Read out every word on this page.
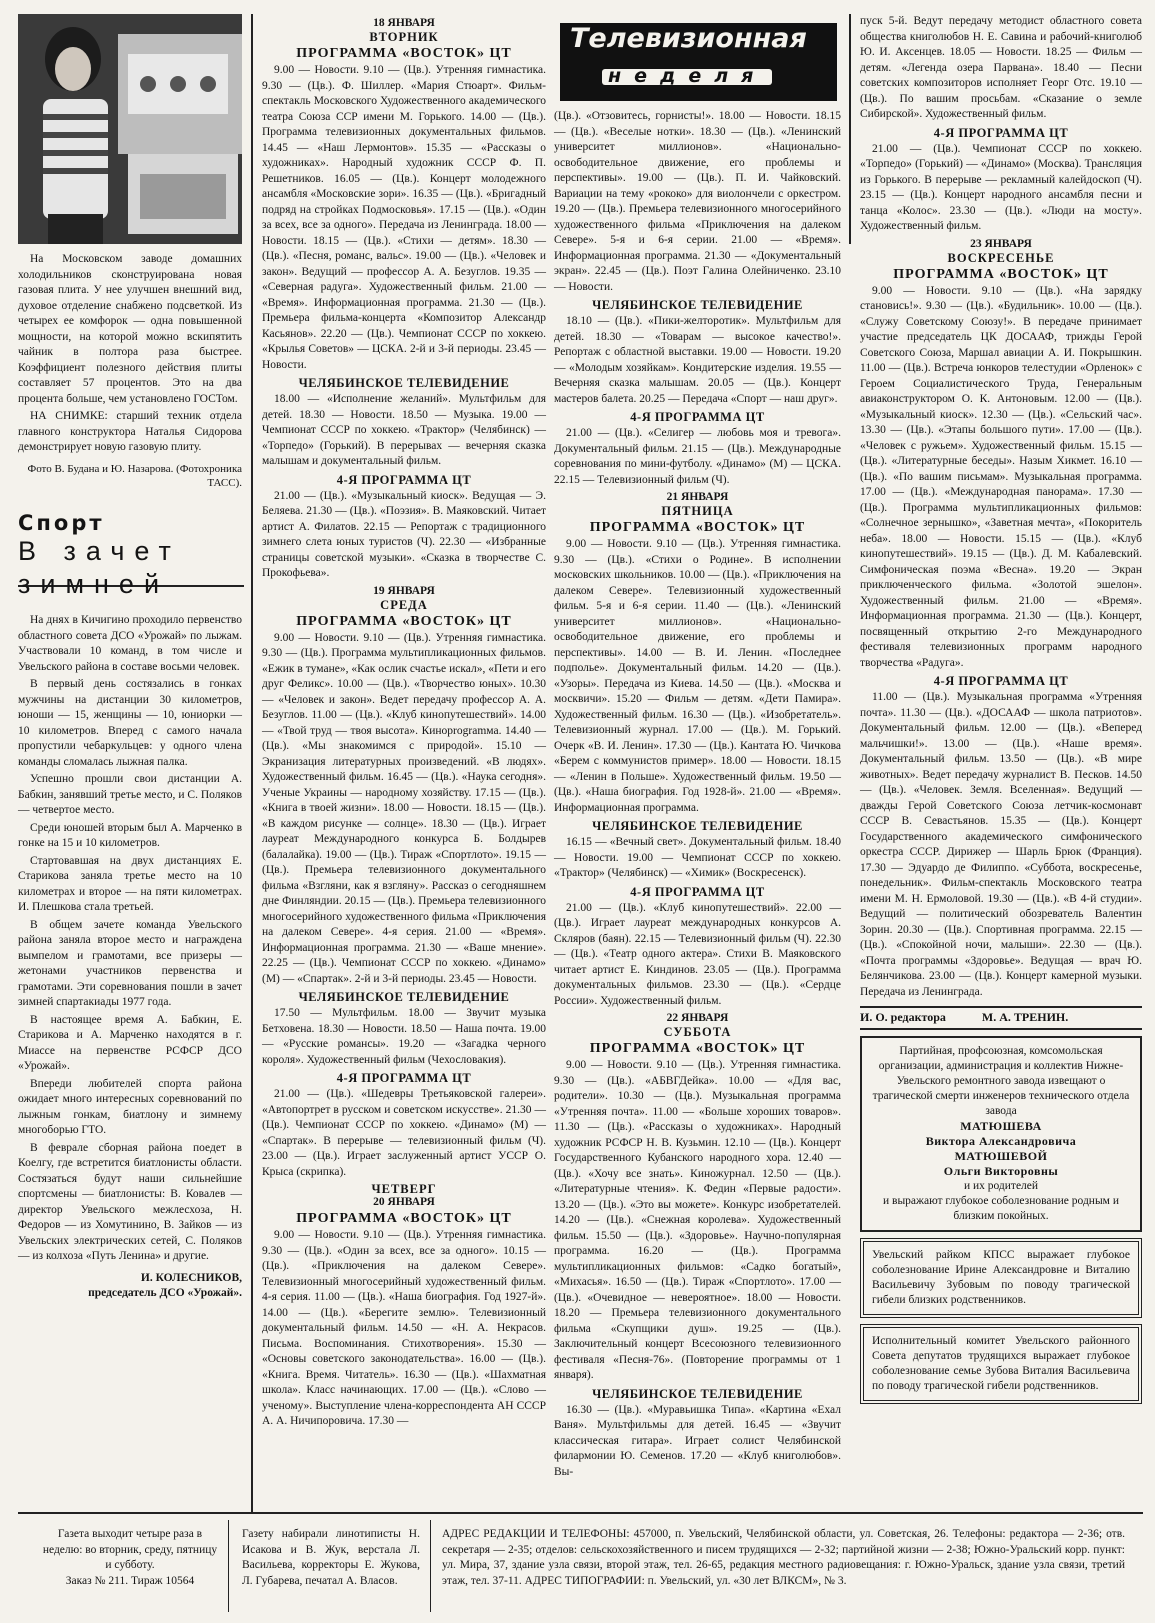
На Московском заводе домашних холодильников сконструирована новая газовая плита. У нее улучшен внешний вид, духовое отделение снабжено подсветкой. Из четырех ее комфорок — одна повышенной мощности, на которой можно вскипятить чайник в полтора раза быстрее. Коэффициент полезного действия плиты составляет 57 процентов. Это на два процента больше, чем установлено ГОСТом.

НА СНИМКЕ: старший техник отдела главного конструктора Наталья Сидорова демонстрирует новую газовую плиту.

Фото В. Будана и Ю. Назарова. (Фотохроника ТАСС).
Спорт
В зачет
зимней

На днях в Кичигино проходило первенство областного совета ДСО «Урожай» по лыжам. Участвовали 10 команд, в том числе и Увельского района в составе восьми человек.

В первый день состязались в гонках мужчины на дистанции 30 километров, юноши — 15, женщины — 10, юниорки — 10 километров. Вперед с самого начала пропустили чебаркульцев: у одного члена команды сломалась лыжная палка.

Успешно прошли свои дистанции А. Бабкин, занявший третье место, и С. Поляков — четвертое место.

Среди юношей вторым был А. Марченко в гонке на 15 и 10 километров.

Стартовавшая на двух дистанциях Е. Старикова заняла третье место на 10 километрах и второе — на пяти километрах. И. Плешкова стала третьей.

В общем зачете команда Увельского района заняла второе место и награждена вымпелом и грамотами, все призеры — жетонами участников первенства и грамотами. Эти соревнования пошли в зачет зимней спартакиады 1977 года.

В настоящее время А. Бабкин, Е. Старикова и А. Марченко находятся в г. Миассе на первенстве РСФСР ДСО «Урожай».

Впереди любителей спорта района ожидает много интересных соревнований по лыжным гонкам, биатлону и зимнему многоборью ГТО.

В феврале сборная района поедет в Коелгу, где встретится биатлонисты области. Состязаться будут наши сильнейшие спортсмены — биатлонисты: В. Ковалев — директор Увельского межлесхоза, Н. Федоров — из Хомутинино, В. Зайков — из Увельских электрических сетей, С. Поляков — из колхоза «Путь Ленина» и другие.

И. КОЛЕСНИКОВ,
председатель ДСО «Урожай».
18 ЯНВАРЯ
ВТОРНИК
ПРОГРАММА «ВОСТОК» ЦТ

9.00 — Новости. 9.10 — (Цв.). Утренняя гимнастика. 9.30 — (Цв.). Ф. Шиллер. «Мария Стюарт». Фильм-спектакль Московского Художественного академического театра Союза ССР имени М. Горького. 14.00 — (Цв.). Программа телевизионных документальных фильмов. 14.45 — «Наш Лермонтов». 15.35 — «Рассказы о художниках». Народный художник СССР Ф. П. Решетников. 16.05 — (Цв.). Концерт молодежного ансамбля «Московские зори». 16.35 — (Цв.). «Бригадный подряд на стройках Подмосковья». 17.15 — (Цв.). «Один за всех, все за одного». Передача из Ленинграда. 18.00 — Новости. 18.15 — (Цв.). «Стихи — детям». 18.30 — (Цв.). «Песня, романс, вальс». 19.00 — (Цв.). «Человек и закон». Ведущий — профессор А. А. Безуглов. 19.35 — «Северная радуга». Художественный фильм. 21.00 — «Время». Информационная программа. 21.30 — (Цв.). Премьера фильма-концерта «Композитор Александр Касьянов». 22.20 — (Цв.). Чемпионат СССР по хоккею. «Крылья Советов» — ЦСКА. 2-й и 3-й периоды. 23.45 — Новости.

ЧЕЛЯБИНСКОЕ ТЕЛЕВИДЕНИЕ

18.00 — «Исполнение желаний». Мультфильм для детей. 18.30 — Новости. 18.50 — Музыка. 19.00 — Чемпионат СССР по хоккею. «Трактор» (Челябинск) — «Торпедо» (Горький). В перерывах — вечерняя сказка малышам и документальный фильм.

4-Я ПРОГРАММА ЦТ

21.00 — (Цв.). «Музыкальный киоск». Ведущая — Э. Беляева. 21.30 — (Цв.). «Поэзия». В. Маяковский. Читает артист А. Филатов. 22.15 — Репортаж с традиционного зимнего слета юных туристов (Ч). 22.30 — «Избранные страницы советской музыки». «Сказка в творчестве С. Прокофьева».

19 ЯНВАРЯ
СРЕДА
ПРОГРАММА «ВОСТОК» ЦТ

9.00 — Новости. 9.10 — (Цв.). Утренняя гимнастика. 9.30 — (Цв.). Программа мультипликационных фильмов. «Ежик в тумане», «Как ослик счастье искал», «Пети и его друг Феликс». 10.00 — (Цв.). «Творчество юных». 10.30 — «Человек и закон». Ведет передачу профессор А. А. Безуглов. 11.00 — (Цв.). «Клуб кинопутешествий». 14.00 — «Твой труд — твоя высота». Киноprogramма. 14.40 — (Цв.). «Мы знакомимся с природой». 15.10 — Экранизация литературных произведений. «В людях». Художественный фильм. 16.45 — (Цв.). «Наука сегодня». Ученые Украины — народному хозяйству. 17.15 — (Цв.). «Книга в твоей жизни». 18.00 — Новости. 18.15 — (Цв.). «В каждом рисунке — солнце». 18.30 — (Цв.). Играет лауреат Международного конкурса Б. Болдырев (балалайка). 19.00 — (Цв.). Тираж «Спортлото». 19.15 — (Цв.). Премьера телевизионного документального фильма «Взгляни, как я взгляну». Рассказ о сегодняшнем дне Финляндии. 20.15 — (Цв.). Премьера телевизионного многосерийного художественного фильма «Приключения на далеком Севере». 4-я серия. 21.00 — «Время». Информационная программа. 21.30 — «Ваше мнение». 22.25 — (Цв.). Чемпионат СССР по хоккею. «Динамо» (М) — «Спартак». 2-й и 3-й периоды. 23.45 — Новости.

ЧЕЛЯБИНСКОЕ ТЕЛЕВИДЕНИЕ

17.50 — Мультфильм. 18.00 — Звучит музыка Бетховена. 18.30 — Новости. 18.50 — Наша почта. 19.00 — «Русские романсы». 19.20 — «Загадка черного короля». Художественный фильм (Чехословакия).

4-Я ПРОГРАММА ЦТ

21.00 — (Цв.). «Шедевры Третьяковской галереи». «Автопортрет в русском и советском искусстве». 21.30 — (Цв.). Чемпионат СССР по хоккею. «Динамо» (М) — «Спартак». В перерыве — телевизионный фильм (Ч). 23.00 — (Цв.). Играет заслуженный артист УССР О. Крыса (скрипка).

ЧЕТВЕРГ
20 ЯНВАРЯ
ПРОГРАММА «ВОСТОК» ЦТ

9.00 — Новости. 9.10 — (Цв.). Утренняя гимнастика. 9.30 — (Цв.). «Один за всех, все за одного». 10.15 — (Цв.). «Приключения на далеком Севере». Телевизионный многосерийный художественный фильм. 4-я серия. 11.00 — (Цв.). «Наша биография. Год 1927-й». 14.00 — (Цв.). «Берегите землю». Телевизионный документальный фильм. 14.50 — «Н. А. Некрасов. Письма. Воспоминания. Стихотворения». 15.30 — «Основы советского законодательства». 16.00 — (Цв.). «Книга. Время. Читатель». 16.30 — (Цв.). «Шахматная школа». Класс начинающих. 17.00 — (Цв.). «Слово — ученому». Выступление члена-корреспондента АН СССР А. А. Ничипоровича. 17.30 —

Телевизионная
неделя

(Цв.). «Отзовитесь, горнисты!». 18.00 — Новости. 18.15 — (Цв.). «Веселые нотки». 18.30 — (Цв.). «Ленинский университет миллионов». «Национально-освободительное движение, его проблемы и перспективы». 19.00 — (Цв.). П. И. Чайковский. Вариации на тему «рококо» для виолончели с оркестром. 19.20 — (Цв.). Премьера телевизионного многосерийного художественного фильма «Приключения на далеком Севере». 5-я и 6-я серии. 21.00 — «Время». Информационная программа. 21.30 — «Документальный экран». 22.45 — (Цв.). Поэт Галина Олейниченко. 23.10 — Новости.

ЧЕЛЯБИНСКОЕ ТЕЛЕВИДЕНИЕ

18.10 — (Цв.). «Пики-желторотик». Мультфильм для детей. 18.30 — «Товарам — высокое качество!». Репортаж с областной выставки. 19.00 — Новости. 19.20 — «Молодым хозяйкам». Кондитерские изделия. 19.55 — Вечерняя сказка малышам. 20.05 — (Цв.). Концерт мастеров балета. 20.25 — Передача «Спорт — наш друг».

4-Я ПРОГРАММА ЦТ

21.00 — (Цв.). «Селигер — любовь моя и тревога». Документальный фильм. 21.15 — (Цв.). Международные соревнования по мини-футболу. «Динамо» (М) — ЦСКА. 22.15 — Телевизионный фильм (Ч).

21 ЯНВАРЯ
ПЯТНИЦА
ПРОГРАММА «ВОСТОК» ЦТ

9.00 — Новости. 9.10 — (Цв.). Утренняя гимнастика. 9.30 — (Цв.). «Стихи о Родине». В исполнении московских школьников. 10.00 — (Цв.). «Приключения на далеком Севере». Телевизионный художественный фильм. 5-я и 6-я серии. 11.40 — (Цв.). «Ленинский университет миллионов». «Национально-освободительное движение, его проблемы и перспективы». 14.00 — В. И. Ленин. «Последнее подполье». Документальный фильм. 14.20 — (Цв.). «Узоры». Передача из Киева. 14.50 — (Цв.). «Москва и москвичи». 15.20 — Фильм — детям. «Дети Памира». Художественный фильм. 16.30 — (Цв.). «Изобретатель». Телевизионный журнал. 17.00 — (Цв.). М. Горький. Очерк «В. И. Ленин». 17.30 — (Цв.). Кантата Ю. Чичкова «Берем с коммунистов пример». 18.00 — Новости. 18.15 — «Ленин в Польше». Художественный фильм. 19.50 — (Цв.). «Наша биография. Год 1928-й». 21.00 — «Время». Информационная программа.

ЧЕЛЯБИНСКОЕ ТЕЛЕВИДЕНИЕ

16.15 — «Вечный свет». Документальный фильм. 18.40 — Новости. 19.00 — Чемпионат СССР по хоккею. «Трактор» (Челябинск) — «Химик» (Воскресенск).

4-Я ПРОГРАММА ЦТ

21.00 — (Цв.). «Клуб кинопутешествий». 22.00 — (Цв.). Играет лауреат международных конкурсов А. Скляров (баян). 22.15 — Телевизионный фильм (Ч). 22.30 — (Цв.). «Театр одного актера». Стихи В. Маяковского читает артист Е. Киндинов. 23.05 — (Цв.). Программа документальных фильмов. 23.30 — (Цв.). «Сердце России». Художественный фильм.

22 ЯНВАРЯ
СУББОТА
ПРОГРАММА «ВОСТОК» ЦТ

9.00 — Новости. 9.10 — (Цв.). Утренняя гимнастика. 9.30 — (Цв.). «АБВГДейка». 10.00 — «Для вас, родители». 10.30 — (Цв.). Музыкальная программа «Утренняя почта». 11.00 — «Больше хороших товаров». 11.30 — (Цв.). «Рассказы о художниках». Народный художник РСФСР Н. В. Кузьмин. 12.10 — (Цв.). Концерт Государственного Кубанского народного хора. 12.40 — (Цв.). «Хочу все знать». Киножурнал. 12.50 — (Цв.). «Литературные чтения». К. Федин «Первые радости». 13.20 — (Цв.). «Это вы можете». Конкурс изобретателей. 14.20 — (Цв.). «Снежная королева». Художественный фильм. 15.50 — (Цв.). «Здоровье». Научно-популярная программа. 16.20 — (Цв.). Программа мультипликационных фильмов: «Садко богатый», «Михасья». 16.50 — (Цв.). Тираж «Спортлото». 17.00 — (Цв.). «Очевидное — невероятное». 18.00 — Новости. 18.20 — Премьера телевизионного документального фильма «Скупщики душ». 19.25 — (Цв.). Заключительный концерт Всесоюзного телевизионного фестиваля «Песня-76». (Повторение программы от 1 января).

ЧЕЛЯБИНСКОЕ ТЕЛЕВИДЕНИЕ

16.30 — (Цв.). «Муравьишка Типа». «Картина «Ехал Ваня». Мультфильмы для детей. 16.45 — «Звучит классическая гитара». Играет солист Челябинской филармонии Ю. Семенов. 17.20 — «Клуб книголюбов». Вы-

пуск 5-й. Ведут передачу методист областного совета общества книголюбов Н. Е. Савина и рабочий-книголюб Ю. И. Аксенцев. 18.05 — Новости. 18.25 — Фильм — детям. «Легенда озера Парвана». 18.40 — Песни советских композиторов исполняет Георг Отс. 19.10 — (Цв.). По вашим просьбам. «Сказание о земле Сибирской». Художественный фильм.

4-Я ПРОГРАММА ЦТ

21.00 — (Цв.). Чемпионат СССР по хоккею. «Торпедо» (Горький) — «Динамо» (Москва). Трансляция из Горького. В перерыве — рекламный калейдоскоп (Ч). 23.15 — (Цв.). Концерт народного ансамбля песни и танца «Колос». 23.30 — (Цв.). «Люди на мосту». Художественный фильм.

23 ЯНВАРЯ
ВОСКРЕСЕНЬЕ
ПРОГРАММА «ВОСТОК» ЦТ

9.00 — Новости. 9.10 — (Цв.). «На зарядку становись!». 9.30 — (Цв.). «Будильник». 10.00 — (Цв.). «Служу Советскому Союзу!». В передаче принимает участие председатель ЦК ДОСААФ, трижды Герой Советского Союза, Маршал авиации А. И. Покрышкин. 11.00 — (Цв.). Встреча юнкоров телестудии «Орленок» с Героем Социалистического Труда, Генеральным авиаконструктором О. К. Антоновым. 12.00 — (Цв.). «Музыкальный киоск». 12.30 — (Цв.). «Сельский час». 13.30 — (Цв.). «Этапы большого пути». 17.00 — (Цв.). «Человек с ружьем». Художественный фильм. 15.15 — (Цв.). «Литературные беседы». Назым Хикмет. 16.10 — (Цв.). «По вашим письмам». Музыкальная программа. 17.00 — (Цв.). «Международная панорама». 17.30 — (Цв.). Программа мультипликационных фильмов: «Солнечное зернышко», «Заветная мечта», «Покоритель неба». 18.00 — Новости. 15.15 — (Цв.). «Клуб кинопутешествий». 19.15 — (Цв.). Д. М. Кабалевский. Симфоническая поэма «Весна». 19.20 — Экран приключенческого фильма. «Золотой эшелон». Художественный фильм. 21.00 — «Время». Информационная программа. 21.30 — (Цв.). Концерт, посвященный открытию 2-го Международного фестиваля телевизионных программ народного творчества «Радуга».

4-Я ПРОГРАММА ЦТ

11.00 — (Цв.). Музыкальная программа «Утренняя почта». 11.30 — (Цв.). «ДОСААФ — школа патриотов». Документальный фильм. 12.00 — (Цв.). «Веперед мальчишки!». 13.00 — (Цв.). «Наше время». Документальный фильм. 13.50 — (Цв.). «В мире животных». Ведет передачу журналист В. Песков. 14.50 — (Цв.). «Человек. Земля. Вселенная». Ведущий — дважды Герой Советского Союза летчик-космонавт СССР В. Севастьянов. 15.35 — (Цв.). Концерт Государственного академического симфонического оркестра СССР. Дирижер — Шарль Брюк (Франция). 17.30 — Эдуардо де Филиппо. «Суббота, воскресенье, понедельник». Фильм-спектакль Московского театра имени М. Н. Ермоловой. 19.30 — (Цв.). «В 4-й студии». Ведущий — политический обозреватель Валентин Зорин. 20.30 — (Цв.). Спортивная программа. 22.15 — (Цв.). «Спокойной ночи, малыши». 22.30 — (Цв.). «Почта программы «Здоровье». Ведущая — врач Ю. Белянчикова. 23.00 — (Цв.). Концерт камерной музыки. Передача из Ленинграда.

И. О. редактора	М. А. ТРЕНИН.
Партийная, профсоюзная, комсомольская организации, администрация и коллектив Нижне-Увельского ремонтного завода извещают о трагической смерти инженеров технического отдела завода
МАТЮШЕВА
Виктора Александровича
МАТЮШЕВОЙ
Ольги Викторовны
и их родителей
и выражают глубокое соболезнование родным и близким покойных.
Увельский райком КПСС выражает глубокое соболезнование Ирине Александровне и Виталию Васильевичу Зубовым по поводу трагической гибели близких родственников.
Исполнительный комитет Увельского районного Совета депутатов трудящихся выражает глубокое соболезнование семье Зубова Виталия Васильевича по поводу трагической гибели родственников.
Газета выходит четыре раза в неделю: во вторник, среду, пятницу и субботу.
Заказ № 211. Тираж 10564
Газету набирали линотиписты Н. Исакова и В. Жук, верстала Л. Васильева, корректоры Е. Жукова, Л. Губарева, печатал А. Власов.
АДРЕС РЕДАКЦИИ И ТЕЛЕФОНЫ: 457000, п. Увельский, Челябинской области, ул. Советская, 26. Телефоны: редактора — 2-36; отв. секретаря — 2-35; отделов: сельскохозяйственного и писем трудящихся — 2-32; партийной жизни — 2-38; Южно-Уральский корр. пункт: ул. Мира, 37, здание узла связи, второй этаж, тел. 26-65, редакция местного радиовещания: г. Южно-Уральск, здание узла связи, третий этаж, тел. 37-11. АДРЕС ТИПОГРАФИИ: п. Увельский, ул. «30 лет ВЛКСМ», № 3.
